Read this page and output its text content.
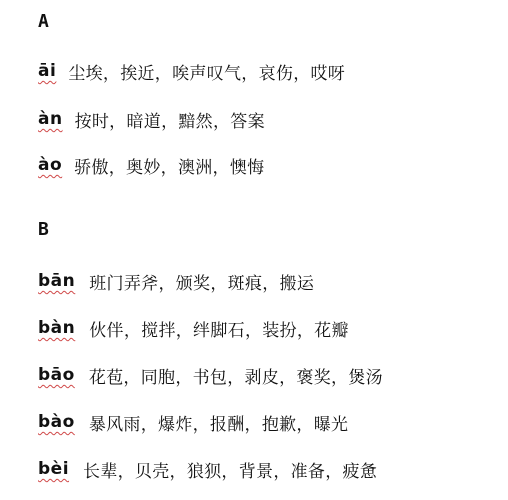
A
āi 尘埃，挨近，唉声叹气，哀伤，哎呀
àn 按时，暗道，黯然，答案
ào 骄傲，奥妙，澳洲，懊悔
B
bān 班门弄斧，颁奖，斑痕，搬运
bàn 伙伴，搅拌，绊脚石，装扮，花瓣
bāo 花苞，同胞，书包，剥皮，褒奖，煲汤
bào 暴风雨，爆炸，报酬，抱歉，曝光
bèi 长辈，贝壳，狼狈，背景，准备，疲惫
